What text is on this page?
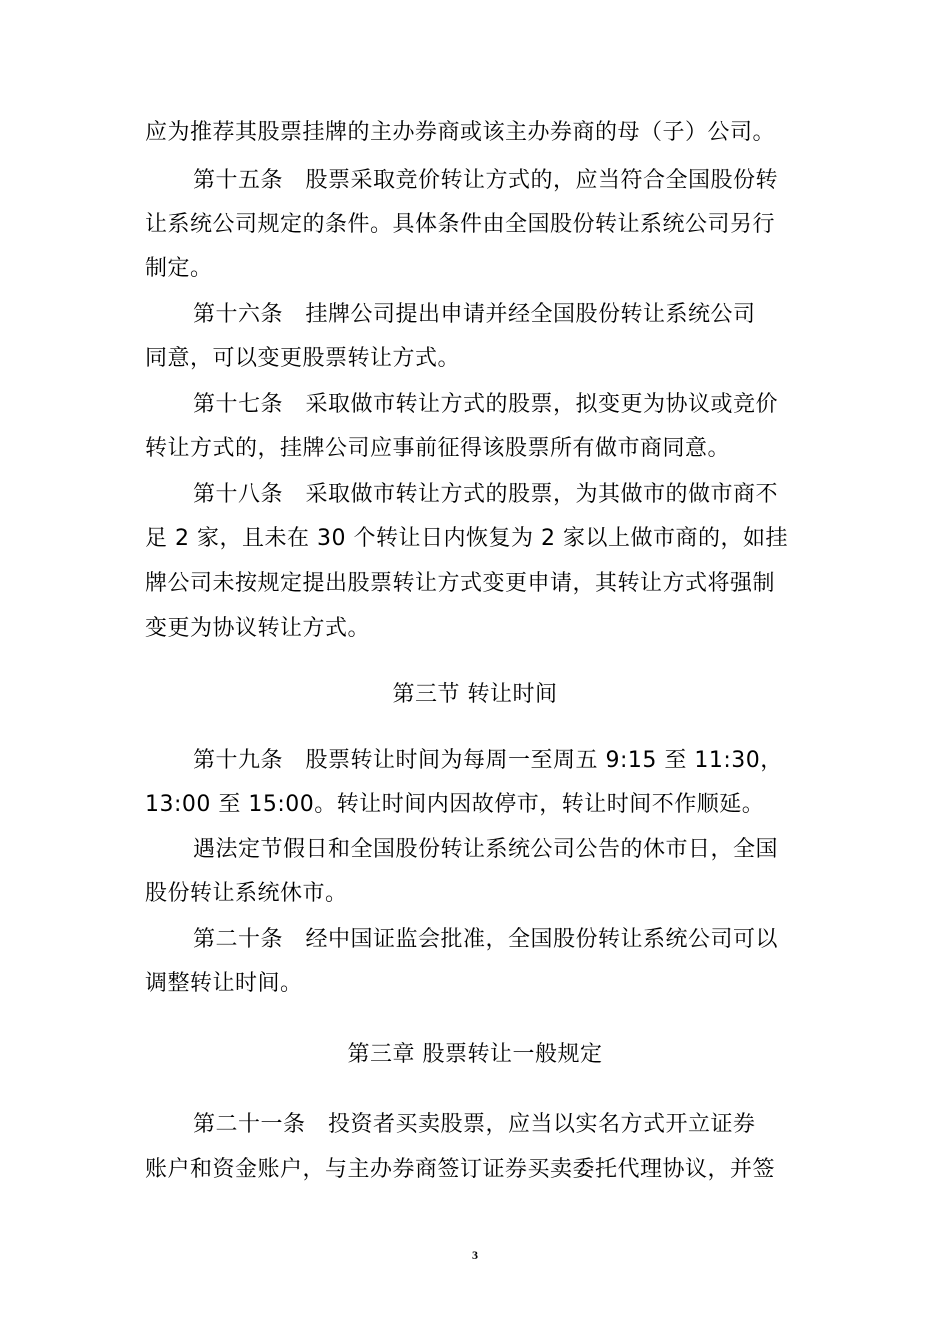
应为推荐其股票挂牌的主办券商或该主办券商的母（子）公司。
第十五条　股票采取竞价转让方式的，应当符合全国股份转
让系统公司规定的条件。具体条件由全国股份转让系统公司另行
制定。
第十六条　挂牌公司提出申请并经全国股份转让系统公司
同意，可以变更股票转让方式。
第十七条　采取做市转让方式的股票，拟变更为协议或竞价
转让方式的，挂牌公司应事前征得该股票所有做市商同意。
第十八条　采取做市转让方式的股票，为其做市的做市商不
足 2 家，且未在 30 个转让日内恢复为 2 家以上做市商的，如挂
牌公司未按规定提出股票转让方式变更申请，其转让方式将强制
变更为协议转让方式。
第三节 转让时间
第十九条　股票转让时间为每周一至周五 9:15 至 11:30，
13:00 至 15:00。转让时间内因故停市，转让时间不作顺延。
遇法定节假日和全国股份转让系统公司公告的休市日，全国
股份转让系统休市。
第二十条　经中国证监会批准，全国股份转让系统公司可以
调整转让时间。
第三章 股票转让一般规定
第二十一条　投资者买卖股票，应当以实名方式开立证券
账户和资金账户，与主办券商签订证券买卖委托代理协议，并签
3
